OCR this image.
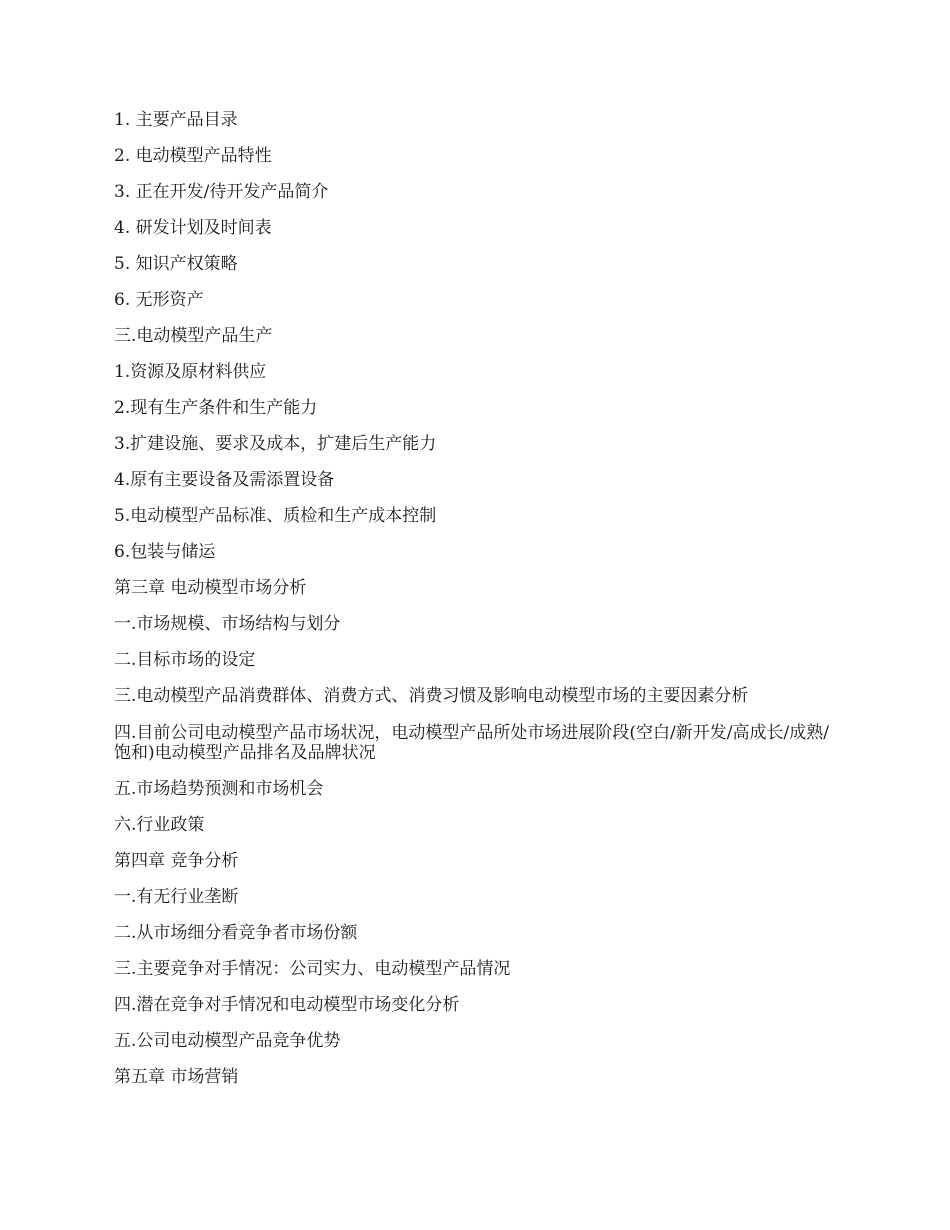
1. 主要产品目录

2. 电动模型产品特性

3. 正在开发/待开发产品简介

4. 研发计划及时间表

5. 知识产权策略

6. 无形资产

三.电动模型产品生产

1.资源及原材料供应

2.现有生产条件和生产能力

3.扩建设施、要求及成本，扩建后生产能力

4.原有主要设备及需添置设备

5.电动模型产品标准、质检和生产成本控制

6.包装与储运

第三章 电动模型市场分析

一.市场规模、市场结构与划分

二.目标市场的设定

三.电动模型产品消费群体、消费方式、消费习惯及影响电动模型市场的主要因素分析

四.目前公司电动模型产品市场状况，电动模型产品所处市场进展阶段(空白/新开发/高成长/成熟/饱和)电动模型产品排名及品牌状况

五.市场趋势预测和市场机会

六.行业政策

第四章 竞争分析

一.有无行业垄断

二.从市场细分看竞争者市场份额

三.主要竞争对手情况：公司实力、电动模型产品情况

四.潜在竞争对手情况和电动模型市场变化分析

五.公司电动模型产品竞争优势

第五章 市场营销
